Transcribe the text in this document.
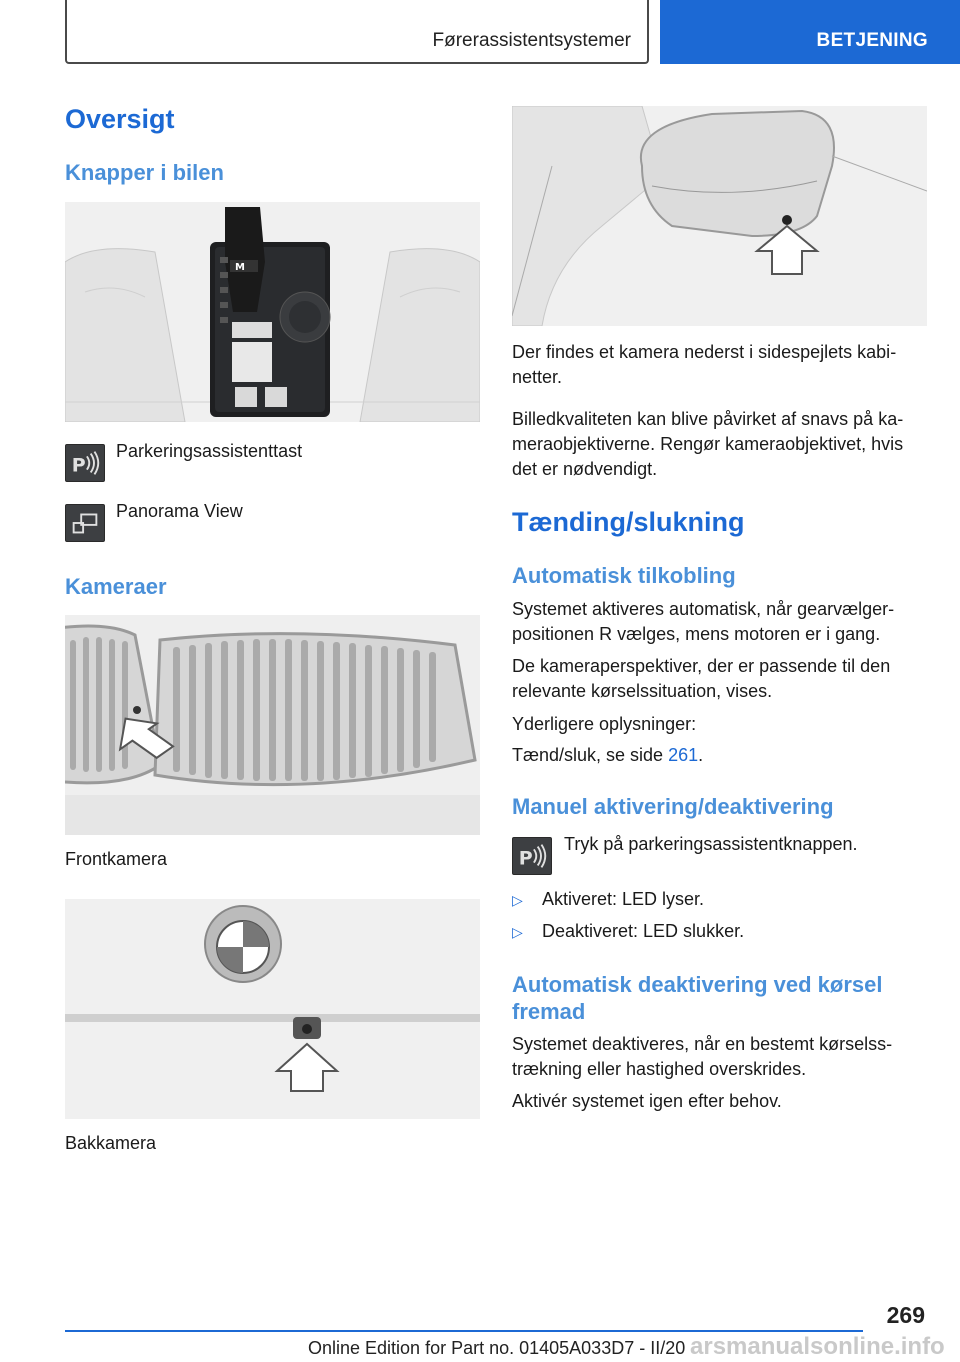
Førerassistentsystemer	BETJENING
Oversigt
Knapper i bilen
M
P
Parkeringsassistenttast
Panorama View
Kameraer
Frontkamera
Bakkamera
Der findes et kamera nederst i sidespejlets kabinetter.
Billedkvaliteten kan blive påvirket af snavs på kameraobjektiverne. Rengør kameraobjektivet, hvis det er nødvendigt.
Tænding/slukning
Automatisk tilkobling
Systemet aktiveres automatisk, når gearvælgerpositionen R vælges, mens motoren er i gang.
De kameraperspektiver, der er passende til den relevante kørselssituation, vises.
Yderligere oplysninger:
Tænd/sluk, se side 261.
Manuel aktivering/deaktivering
P
Tryk på parkeringsassistentknappen.
▷ Aktiveret: LED lyser.
▷ Deaktiveret: LED slukker.
Automatisk deaktivering ved kørsel fremad
Systemet deaktiveres, når en bestemt kørselsstrækning eller hastighed overskrides.
Aktivér systemet igen efter behov.
269
arsmanualsonline.info
Online Edition for Part no. 01405A033D7 - II/20
